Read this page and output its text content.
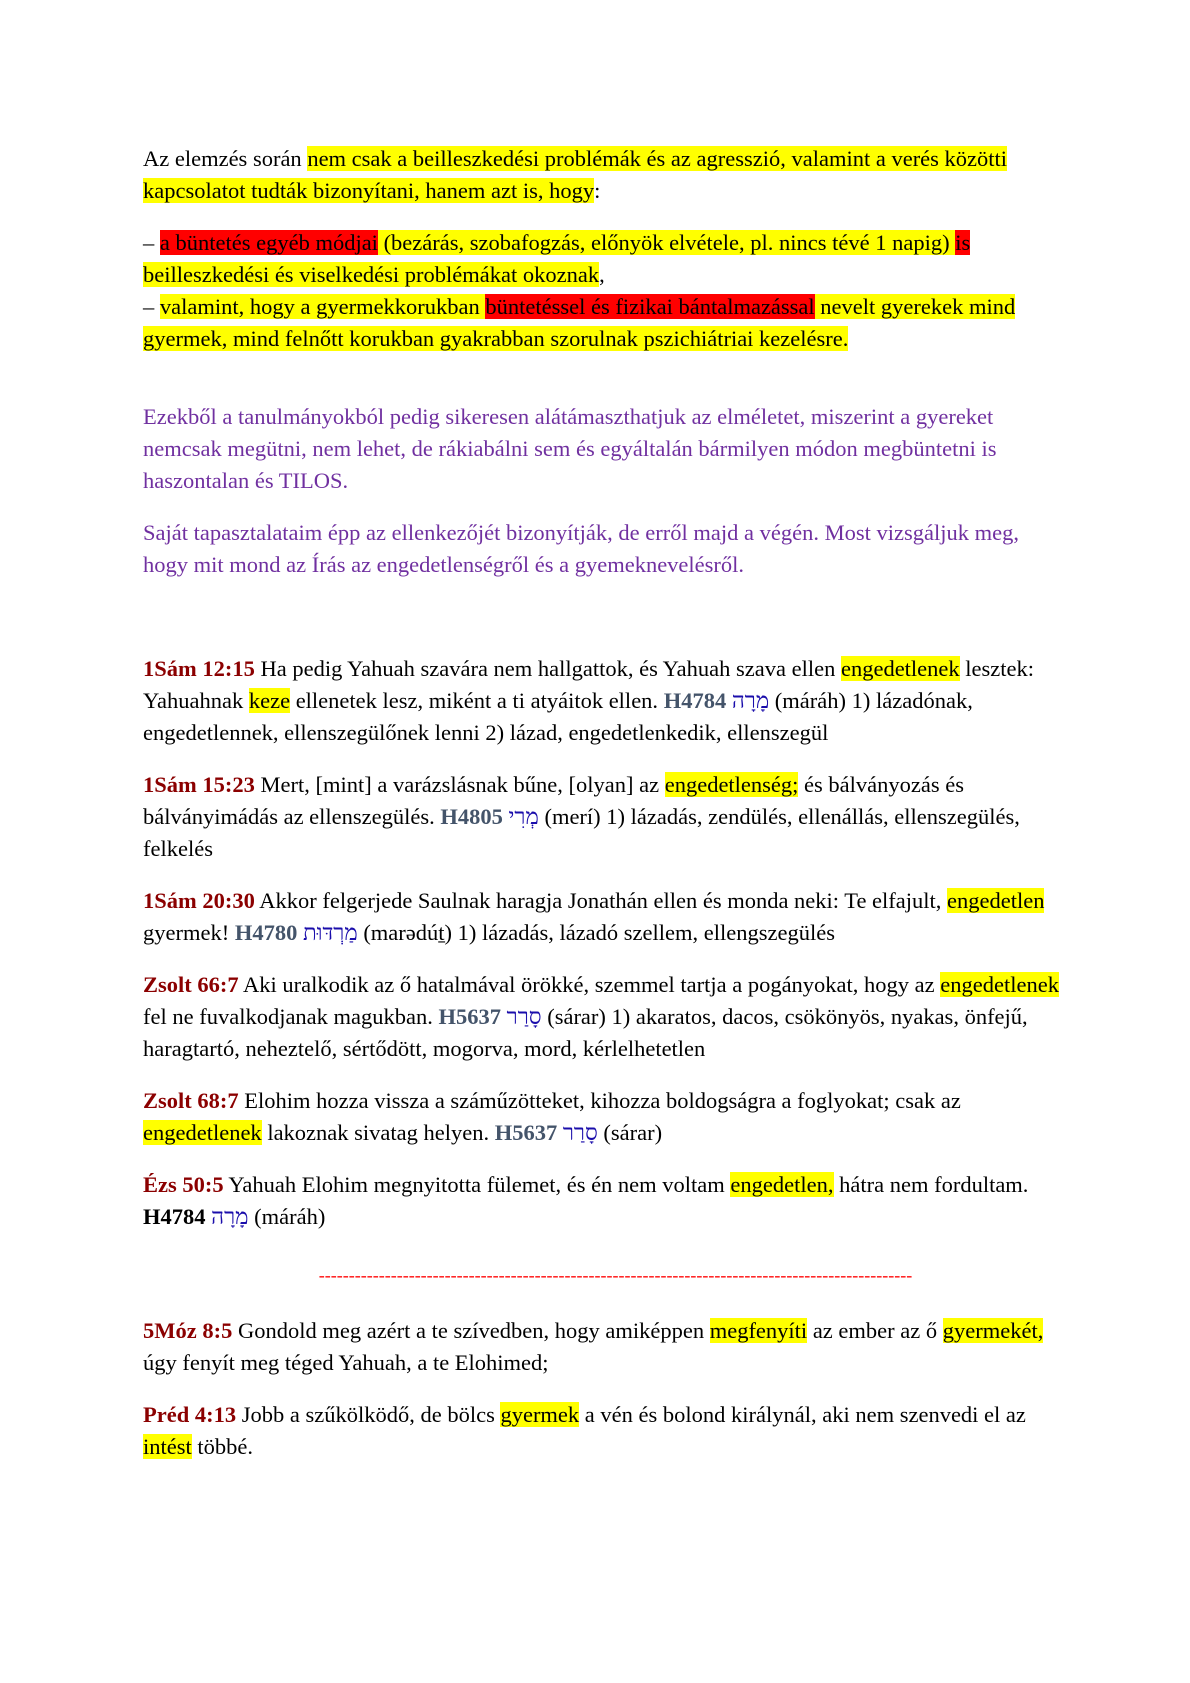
Az elemzés során nem csak a beilleszkedési problémák és az agresszió, valamint a verés közötti kapcsolatot tudták bizonyítani, hanem azt is, hogy:

– a büntetés egyéb módjai (bezárás, szobafogzás, előnyök elvétele, pl. nincs tévé 1 napig) is beilleszkedési és viselkedési problémákat okoznak,

– valamint, hogy a gyermekkorukban büntetéssel és fizikai bántalmazással nevelt gyerekek mind gyermek, mind felnőtt korukban gyakrabban szorulnak pszichiátriai kezelésre.

Ezekből a tanulmányokból pedig sikeresen alátámaszthatjuk az elméletet, miszerint a gyereket nemcsak megütni, nem lehet, de rákiabálni sem és egyáltalán bármilyen módon megbüntetni is haszontalan és TILOS.

Saját tapasztalataim épp az ellenkezőjét bizonyítják, de erről majd a végén. Most vizsgáljuk meg, hogy mit mond az Írás az engedetlenségről és a gyemeknevelésről.

1Sám 12:15 Ha pedig Yahuah szavára nem hallgattok, és Yahuah szava ellen engedetlenek lesztek: Yahuahnak keze ellenetek lesz, miként a ti atyáitok ellen. H4784 מָרָה (máráh) 1) lázadónak, engedetlennek, ellenszegülőnek lenni 2) lázad, engedetlenkedik, ellenszegül

1Sám 15:23 Mert, [mint] a varázslásnak bűne, [olyan] az engedetlenség; és bálványozás és bálványimádás az ellenszegülés. H4805 מְרִי (merí) 1) lázadás, zendülés, ellenállás, ellenszegülés, felkelés

1Sám 20:30 Akkor felgerjede Saulnak haragja Jonathán ellen és monda neki: Te elfajult, engedetlen gyermek! H4780 מַרְדּוּת (marədúṯ) 1) lázadás, lázadó szellem, ellengszegülés

Zsolt 66:7 Aki uralkodik az ő hatalmával örökké, szemmel tartja a pogányokat, hogy az engedetlenek fel ne fuvalkodjanak magukban. H5637 סָרַר (sárar) 1) akaratos, dacos, csökönyös, nyakas, önfejű, haragtartó, neheztelő, sértődött, mogorva, mord, kérlelhetetlen

Zsolt 68:7 Elohim hozza vissza a száműzötteket, kihozza boldogságra a foglyokat; csak az engedetlenek lakoznak sivatag helyen. H5637 סָרַר (sárar)

Ézs 50:5 Yahuah Elohim megnyitotta fülemet, és én nem voltam engedetlen, hátra nem fordultam. H4784 מָרָה (máráh)

---------------------------------------------------------------------------------------------------

5Móz 8:5 Gondold meg azért a te szívedben, hogy amiképpen megfenyíti az ember az ő gyermekét, úgy fenyít meg téged Yahuah, a te Elohimed;

Préd 4:13 Jobb a szűkölködő, de bölcs gyermek a vén és bolond királynál, aki nem szenvedi el az intést többé.
